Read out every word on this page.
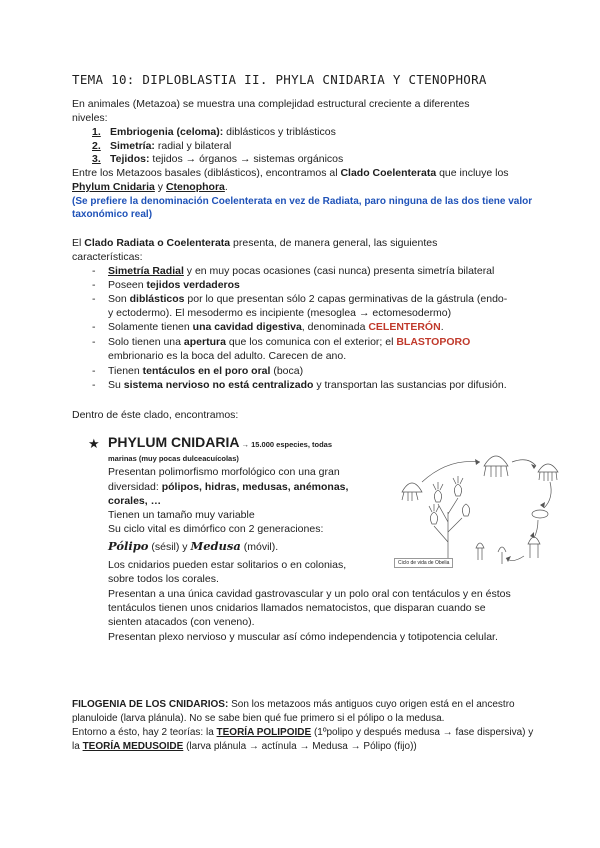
TEMA 10: DIPLOBLASTIA II. PHYLA CNIDARIA Y CTENOPHORA
En animales (Metazoa) se muestra una complejidad estructural creciente a diferentes
niveles:
1. Embriogenia (celoma): diblásticos y triblásticos
2. Simetría: radial y bilateral
3. Tejidos: tejidos → órganos → sistemas orgánicos
Entre los Metazoos basales (diblásticos), encontramos al Clado Coelenterata que incluye los
Phylum Cnidaria y Ctenophora.
(Se prefiere la denominación Coelenterata en vez de Radiata, paro ninguna de las dos tiene valor
taxonómico real)
El Clado Radiata o Coelenterata presenta, de manera general, las siguientes
características:
- Simetría Radial y en muy pocas ocasiones (casi nunca) presenta simetría bilateral
- Poseen tejidos verdaderos
- Son diblásticos por lo que presentan sólo 2 capas germinativas de la gástrula (endo-
y ectodermo). El mesodermo es incipiente (mesoglea → ectomesodermo)
- Solamente tienen una cavidad digestiva, denominada CELENTERÓN.
- Solo tienen una apertura que los comunica con el exterior; el BLASTOPORO
embrionario es la boca del adulto. Carecen de ano.
- Tienen tentáculos en el poro oral (boca)
- Su sistema nervioso no está centralizado y transportan las sustancias por difusión.
Dentro de éste clado, encontramos:
★ PHYLUM CNIDARIA → 15.000 especies, todas
marinas (muy pocas dulceacuícolas)
Presentan polimorfismo morfológico con una gran
diversidad: pólipos, hidras, medusas, anémonas,
corales, …
Tienen un tamaño muy variable
Su ciclo vital es dimórfico con 2 generaciones:
Pólipo (sésil) y Medusa (móvil).
Los cnidarios pueden estar solitarios o en colonias,
sobre todos los corales.
Presentan a una única cavidad gastrovascular y un polo oral con tentáculos y en éstos
tentáculos tienen unos cnidarios llamados nematocistos, que disparan cuando se
sienten atacados (con veneno).
Presentan plexo nervioso y muscular así cómo independencia y totipotencia celular.
Ciclo de vida de Obelia
FILOGENIA DE LOS CNIDARIOS: Son los metazoos más antiguos cuyo origen está en el ancestro
planuloide (larva plánula). No se sabe bien qué fue primero si el pólipo o la medusa.
Entorno a ésto, hay 2 teorías: la TEORÍA POLIPOIDE (1ºpolipo y después medusa → fase dispersiva) y
la TEORÍA MEDUSOIDE (larva plánula → actínula → Medusa → Pólipo (fijo))
